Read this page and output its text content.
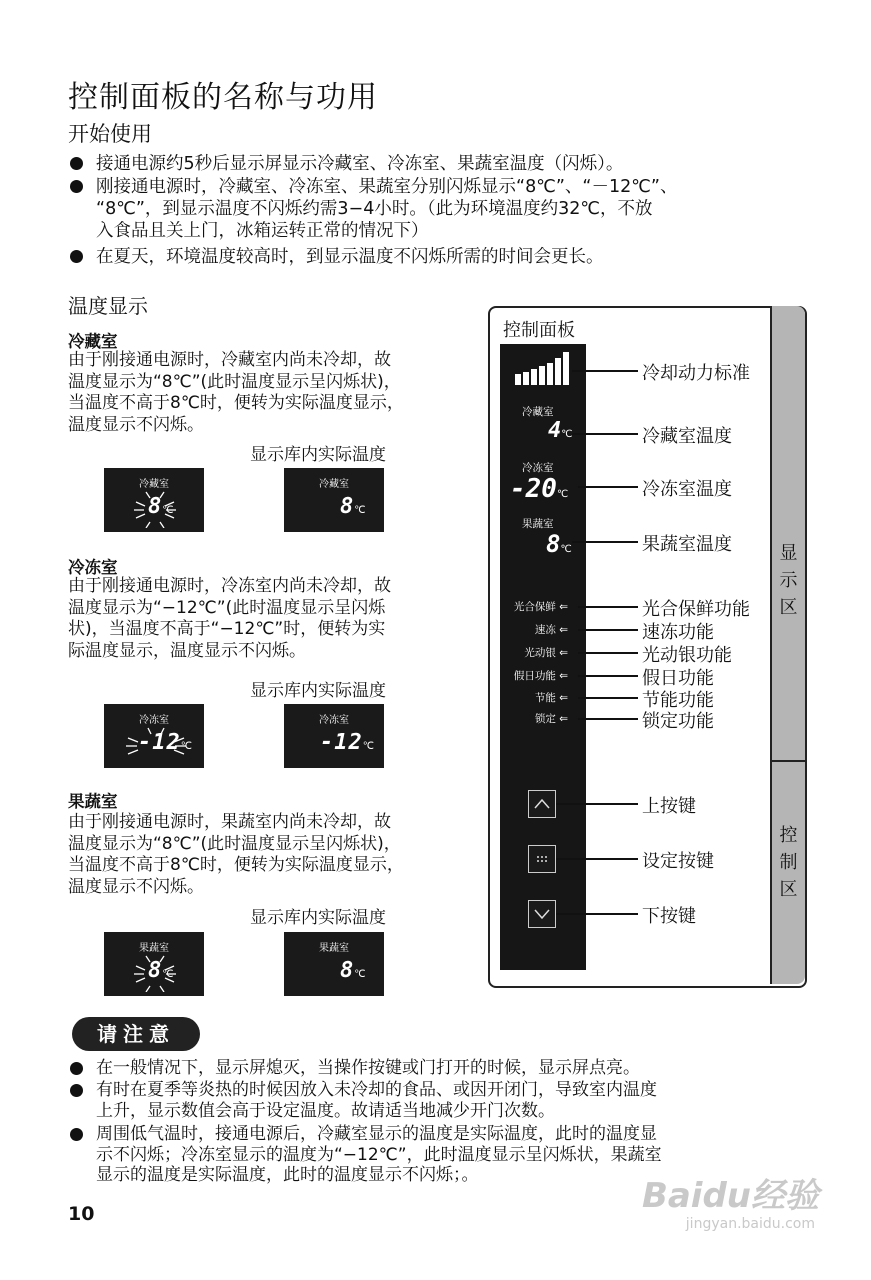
控制面板的名称与功用
开始使用
接通电源约5秒后显示屏显示冷藏室、冷冻室、果蔬室温度（闪烁）。
刚接通电源时，冷藏室、冷冻室、果蔬室分别闪烁显示“8℃”、“－12℃”、
“8℃”，到显示温度不闪烁约需3−4小时。（此为环境温度约32℃，不放
入食品且关上门，冰箱运转正常的情况下）
在夏天，环境温度较高时，到显示温度不闪烁所需的时间会更长。
温度显示
冷藏室
由于刚接通电源时，冷藏室内尚未冷却，故
温度显示为“8℃”(此时温度显示呈闪烁状)，
当温度不高于8℃时，便转为实际温度显示，
温度显示不闪烁。
显示库内实际温度
冷藏室
8℃
冷藏室
8℃
冷冻室
由于刚接通电源时，冷冻室内尚未冷却，故
温度显示为“−12℃”(此时温度显示呈闪烁
状)，当温度不高于“−12℃”时，便转为实
际温度显示，温度显示不闪烁。
显示库内实际温度
冷冻室
-12℃
冷冻室
-12℃
果蔬室
由于刚接通电源时，果蔬室内尚未冷却，故
温度显示为“8℃”(此时温度显示呈闪烁状)，
当温度不高于8℃时，便转为实际温度显示，
温度显示不闪烁。
显示库内实际温度
果蔬室
8℃
果蔬室
8℃
控制面板
显
示
区
控
制
区
冷藏室
4℃
冷冻室
-20℃
果蔬室
8℃
光合保鲜 ⇐
速冻 ⇐
光动银 ⇐
假日功能 ⇐
节能 ⇐
锁定 ⇐
冷却动力标准
冷藏室温度
冷冻室温度
果蔬室温度
光合保鲜功能
速冻功能
光动银功能
假日功能
节能功能
锁定功能
上按键
设定按键
下按键
请注意
在一般情况下，显示屏熄灭，当操作按键或门打开的时候，显示屏点亮。
有时在夏季等炎热的时候因放入未冷却的食品、或因开闭门，导致室内温度
上升，显示数值会高于设定温度。故请适当地减少开门次数。
周围低气温时，接通电源后，冷藏室显示的温度是实际温度，此时的温度显
示不闪烁；冷冻室显示的温度为“−12℃”，此时温度显示呈闪烁状，果蔬室
显示的温度是实际温度，此时的温度显示不闪烁；。
10	Baidu经验
jingyan.baidu.com
